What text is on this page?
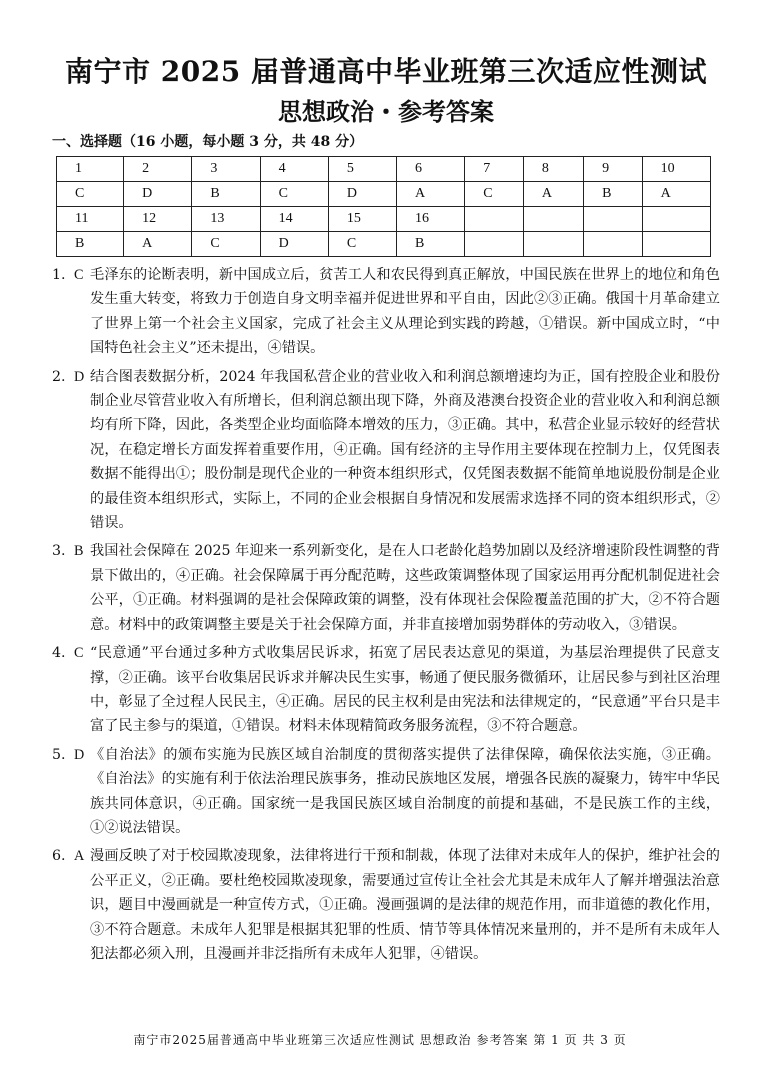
南宁市 2025 届普通高中毕业班第三次适应性测试
思想政治・参考答案
一、选择题（16 小题，每小题 3 分，共 48 分）
1	2	3	4	5	6	7	8	9	10
C	D	B	C	D	A	C	A	B	A
11	12	13	14	15	16				
B	A	C	D	C	B				
1. C 毛泽东的论断表明，新中国成立后，贫苦工人和农民得到真正解放，中国民族在世界上的地位和角色发生重大转变，将致力于创造自身文明幸福并促进世界和平自由，因此②③正确。俄国十月革命建立了世界上第一个社会主义国家，完成了社会主义从理论到实践的跨越，①错误。新中国成立时，“中国特色社会主义”还未提出，④错误。
2. D 结合图表数据分析，2024 年我国私营企业的营业收入和利润总额增速均为正，国有控股企业和股份制企业尽管营业收入有所增长，但利润总额出现下降，外商及港澳台投资企业的营业收入和利润总额均有所下降，因此，各类型企业均面临降本增效的压力，③正确。其中，私营企业显示较好的经营状况，在稳定增长方面发挥着重要作用，④正确。国有经济的主导作用主要体现在控制力上，仅凭图表数据不能得出①；股份制是现代企业的一种资本组织形式，仅凭图表数据不能简单地说股份制是企业的最佳资本组织形式，实际上，不同的企业会根据自身情况和发展需求选择不同的资本组织形式，②错误。
3. B 我国社会保障在 2025 年迎来一系列新变化，是在人口老龄化趋势加剧以及经济增速阶段性调整的背景下做出的，④正确。社会保障属于再分配范畴，这些政策调整体现了国家运用再分配机制促进社会公平，①正确。材料强调的是社会保障政策的调整，没有体现社会保险覆盖范围的扩大，②不符合题意。材料中的政策调整主要是关于社会保障方面，并非直接增加弱势群体的劳动收入，③错误。
4. C “民意通”平台通过多种方式收集居民诉求，拓宽了居民表达意见的渠道，为基层治理提供了民意支撑，②正确。该平台收集居民诉求并解决民生实事，畅通了便民服务微循环，让居民参与到社区治理中，彰显了全过程人民民主，④正确。居民的民主权利是由宪法和法律规定的，“民意通”平台只是丰富了民主参与的渠道，①错误。材料未体现精简政务服务流程，③不符合题意。
5. D 《自治法》的颁布实施为民族区域自治制度的贯彻落实提供了法律保障，确保依法实施，③正确。《自治法》的实施有利于依法治理民族事务，推动民族地区发展，增强各民族的凝聚力，铸牢中华民族共同体意识，④正确。国家统一是我国民族区域自治制度的前提和基础，不是民族工作的主线，①②说法错误。
6. A 漫画反映了对于校园欺凌现象，法律将进行干预和制裁，体现了法律对未成年人的保护，维护社会的公平正义，②正确。要杜绝校园欺凌现象，需要通过宣传让全社会尤其是未成年人了解并增强法治意识，题目中漫画就是一种宣传方式，①正确。漫画强调的是法律的规范作用，而非道德的教化作用，③不符合题意。未成年人犯罪是根据其犯罪的性质、情节等具体情况来量刑的，并不是所有未成年人犯法都必须入刑，且漫画并非泛指所有未成年人犯罪，④错误。
南宁市2025届普通高中毕业班第三次适应性测试 思想政治 参考答案 第 1 页 共 3 页
